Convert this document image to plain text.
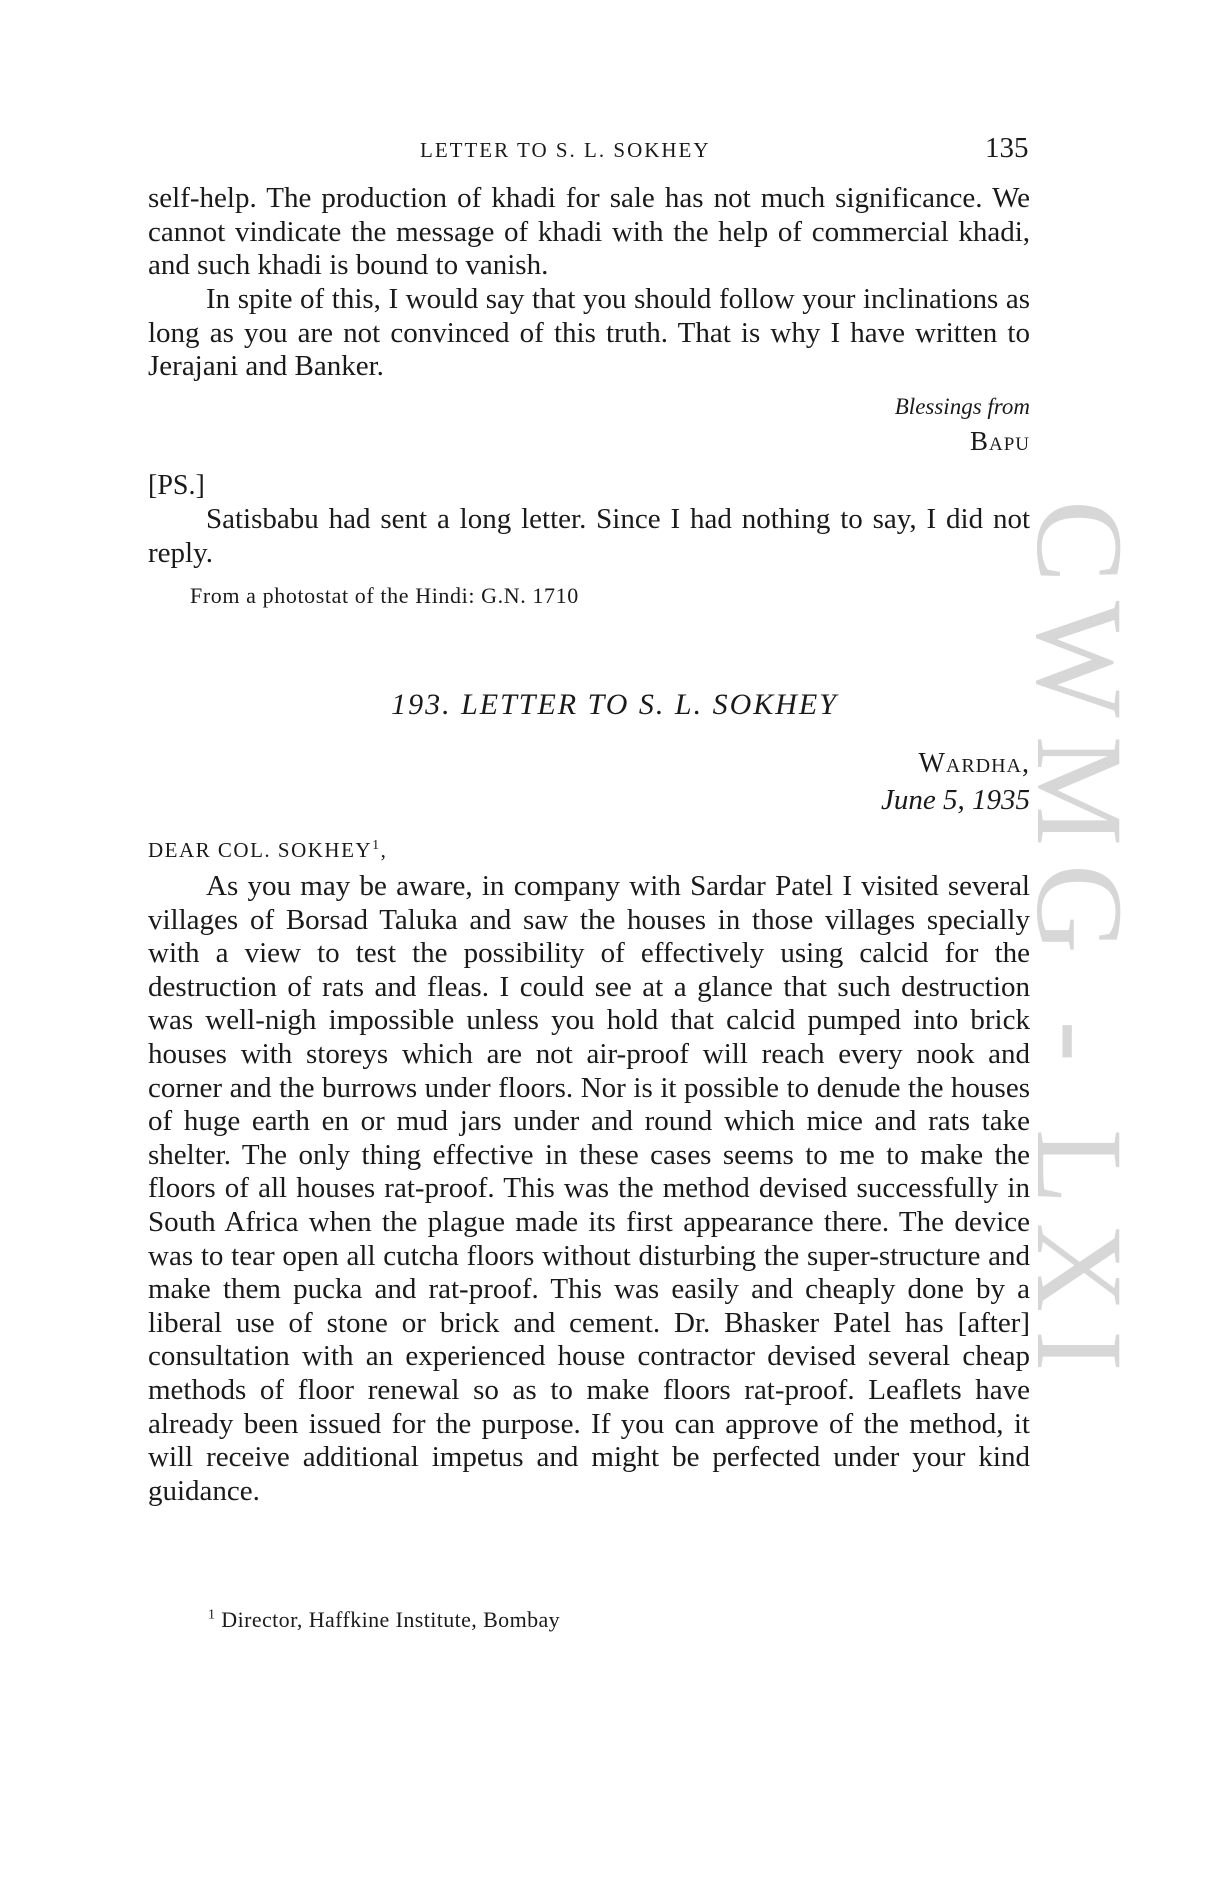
CWMG - LXI
LETTER TO S. L. SOKHEY	135

self-help. The production of khadi for sale has not much significance. We cannot vindicate the message of khadi with the help of commercial khadi, and such khadi is bound to vanish.

In spite of this, I would say that you should follow your inclinations as long as you are not convinced of this truth. That is why I have written to Jerajani and Banker.

Blessings from
Bapu
[PS.]

Satisbabu had sent a long letter. Since I had nothing to say, I did not reply.

From a photostat of the Hindi: G.N. 1710
193. LETTER TO S. L. SOKHEY
Wardha,
June 5, 1935
DEAR COL. SOKHEY$^1$,

As you may be aware, in company with Sardar Patel I visited several villages of Borsad Taluka and saw the houses in those villages specially with a view to test the possibility of effectively using calcid for the destruction of rats and fleas. I could see at a glance that such destruction was well-nigh impossible unless you hold that calcid pumped into brick houses with storeys which are not air-proof will reach every nook and corner and the burrows under floors. Nor is it possible to denude the houses of huge earth en or mud jars under and round which mice and rats take shelter. The only thing effective in these cases seems to me to make the floors of all houses rat-proof. This was the method devised successfully in South Africa when the plague made its first appearance there. The device was to tear open all cutcha floors without disturbing the super-structure and make them pucka and rat-proof. This was easily and cheaply done by a liberal use of stone or brick and cement. Dr. Bhasker Patel has [after] consultation with an experienced house contractor devised several cheap methods of floor renewal so as to make floors rat-proof. Leaflets have already been issued for the purpose. If you can approve of the method, it will receive additional impetus and might be perfected under your kind guidance.

$^1$ Director, Haffkine Institute, Bombay
